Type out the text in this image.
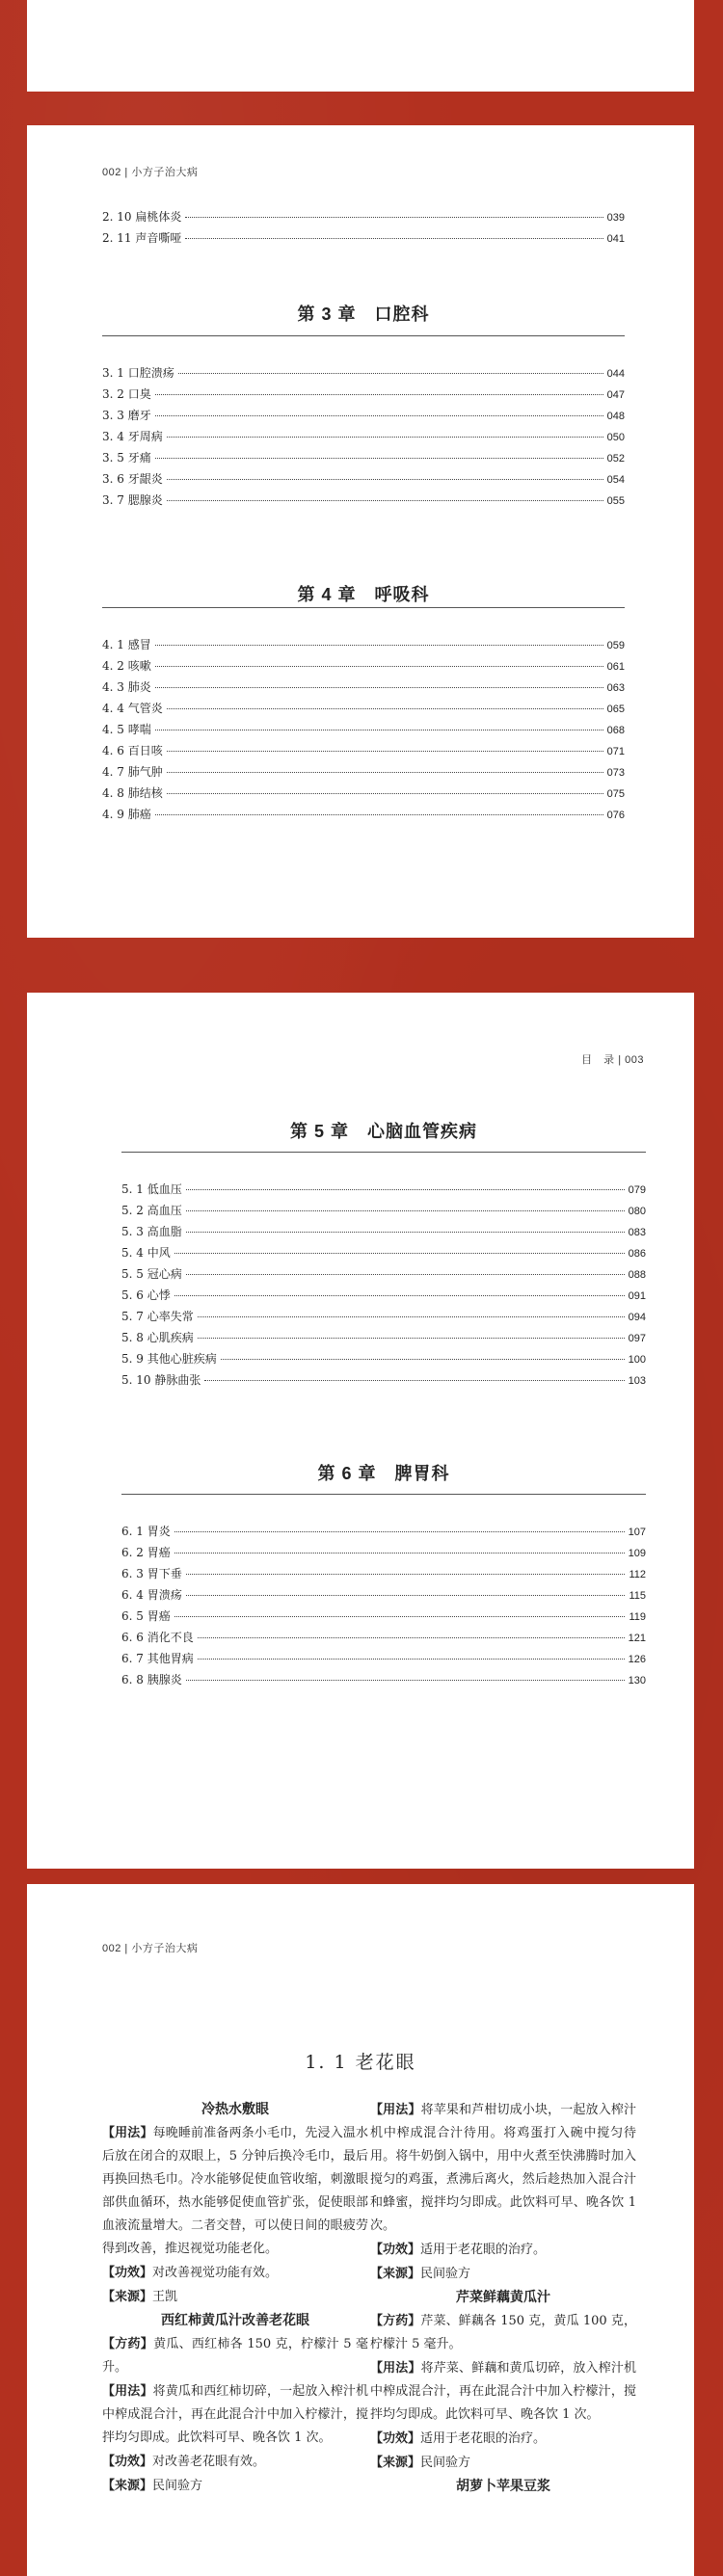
002 | 小方子治大病
2. 10 扁桃体炎	039
2. 11 声音嘶哑	041
第 3 章　口腔科
3. 1 口腔溃疡	044
3. 2 口臭	047
3. 3 磨牙	048
3. 4 牙周病	050
3. 5 牙痛	052
3. 6 牙龈炎	054
3. 7 腮腺炎	055
第 4 章　呼吸科
4. 1 感冒	059
4. 2 咳嗽	061
4. 3 肺炎	063
4. 4 气管炎	065
4. 5 哮喘	068
4. 6 百日咳	071
4. 7 肺气肿	073
4. 8 肺结核	075
4. 9 肺癌	076
目　录 | 003
第 5 章　心脑血管疾病
5. 1 低血压	079
5. 2 高血压	080
5. 3 高血脂	083
5. 4 中风	086
5. 5 冠心病	088
5. 6 心悸	091
5. 7 心率失常	094
5. 8 心肌疾病	097
5. 9 其他心脏疾病	100
5. 10 静脉曲张	103
第 6 章　脾胃科
6. 1 胃炎	107
6. 2 胃癌	109
6. 3 胃下垂	112
6. 4 胃溃疡	115
6. 5 胃癌	119
6. 6 消化不良	121
6. 7 其他胃病	126
6. 8 胰腺炎	130
002 | 小方子治大病
1. 1 老花眼
冷热水敷眼

【用法】每晚睡前准备两条小毛巾，先浸入温水后放在闭合的双眼上，5 分钟后换冷毛巾，最后再换回热毛巾。冷水能够促使血管收缩，刺激眼部供血循环，热水能够促使血管扩张，促使眼部血液流量增大。二者交替，可以使日间的眼疲劳得到改善，推迟视觉功能老化。

【功效】对改善视觉功能有效。

【来源】王凯

西红柿黄瓜汁改善老花眼

【方药】黄瓜、西红柿各 150 克，柠檬汁 5 毫升。

【用法】将黄瓜和西红柿切碎，一起放入榨汁机中榨成混合汁，再在此混合汁中加入柠檬汁，搅拌均匀即成。此饮料可早、晚各饮 1 次。

【功效】对改善老花眼有效。

【来源】民间验方

【用法】将苹果和芦柑切成小块，一起放入榨汁机中榨成混合汁待用。将鸡蛋打入碗中搅匀待用。将牛奶倒入锅中，用中火煮至快沸腾时加入搅匀的鸡蛋，煮沸后离火，然后趁热加入混合汁和蜂蜜，搅拌均匀即成。此饮料可早、晚各饮 1 次。

【功效】适用于老花眼的治疗。

【来源】民间验方

芹菜鲜藕黄瓜汁

【方药】芹菜、鲜藕各 150 克，黄瓜 100 克，柠檬汁 5 毫升。

【用法】将芹菜、鲜藕和黄瓜切碎，放入榨汁机中榨成混合汁，再在此混合汁中加入柠檬汁，搅拌均匀即成。此饮料可早、晚各饮 1 次。

【功效】适用于老花眼的治疗。

【来源】民间验方

胡萝卜苹果豆浆
